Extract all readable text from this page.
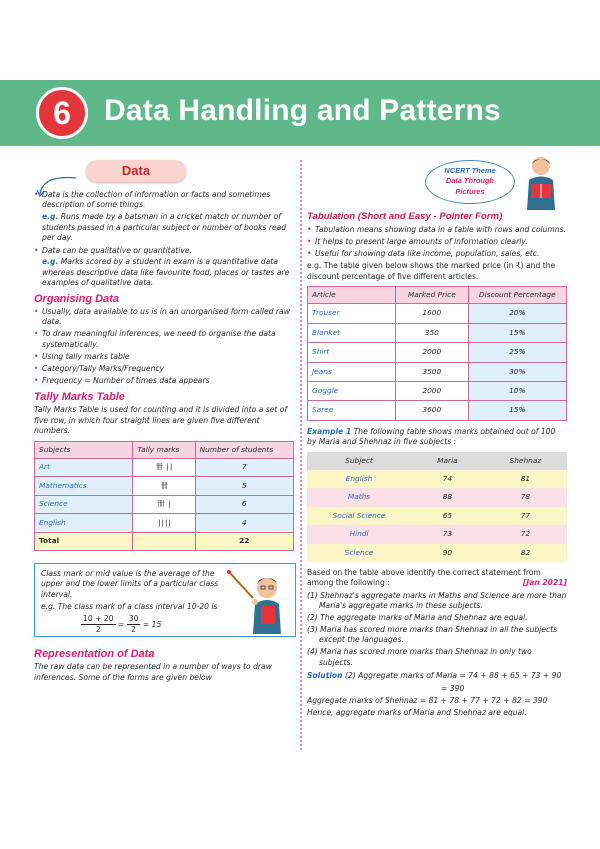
6	Data Handling and Patterns
Data
• Data is the collection of information or facts and sometimes description of some things.
e.g. Runs made by a batsman in a cricket match or number of students passed in a particular subject or number of books read per day.
• Data can be qualitative or quantitative.
e.g. Marks scored by a student in exam is a quantitative data whereas descriptive data like favourite food, places or tastes are examples of qualitative data.
Organising Data
• Usually, data available to us is in an unorganised form called raw data.
• To draw meaningful inferences, we need to organise the data systematically.
• Using tally marks table
• Category/Tally Marks/Frequency
• Frequency = Number of times data appears
Tally Marks Table
Tally Marks Table is used for counting and it is divided into a set of five row, in which four straight lines are given five different numbers.
Subjects	Tally marks	Number of students
Art	卌 ||	7
Mathematics	卌	5
Science	卌 |	6
English	||||	4
Total		22
Class mark or mid value is the average of the upper and the lower limits of a particular class interval.
e.g. The class mark of a class interval 10-20 is
$\frac{10 + 20}{2} = \frac{30}{2} = 15$
Representation of Data
The raw data can be represented in a number of ways to draw inferences. Some of the forms are given below
NCERT Theme
Data Through
Pictures
Tabulation (Short and Easy - Pointer Form)
• Tabulation means showing data in a table with rows and columns.
• It helps to present large amounts of information clearly.
• Useful for showing data like income, population, sales, etc.
e.g. The table given below shows the marked price (in ₹) and the discount percentage of five different articles.
Article	Marked Price	Discount Percentage
Trouser	1600	20%
Blanket	350	15%
Shirt	2000	25%
Jeans	3500	30%
Goggle	2000	10%
Saree	3600	15%
Example 1 The following table shows marks obtained out of 100 by Maria and Shehnaz in five subjects :
Subject	Maria	Shehnaz
English	74	81
Maths	88	78
Social Science	65	77
Hindi	73	72
Science	90	82
Based on the table above identify the correct statement from among the following :	[Jan 2021]
(1) Shehnaz's aggregate marks in Maths and Science are more than Maria's aggregate marks in these subjects.
(2) The aggregate marks of Maria and Shehnaz are equal.
(3) Maria has scored more marks than Shehnaz in all the subjects except the languages.
(4) Maria has scored more marks than Shehnaz in only two subjects.
Solution (2) Aggregate marks of Maria = 74 + 88 + 65 + 73 + 90
= 390
Aggregate marks of Shehnaz = 81 + 78 + 77 + 72 + 82 = 390
Hence, aggregate marks of Maria and Shehnaz are equal.
